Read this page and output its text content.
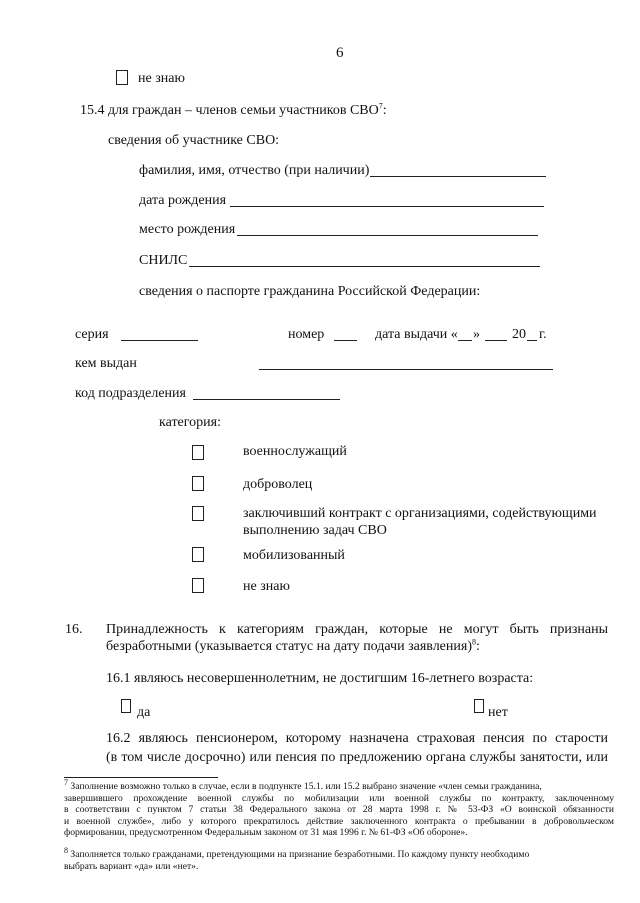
6
не знаю
15.4 для граждан – членов семьи участников СВО$^7$:
сведения об участнике СВО:
фамилия, имя, отчество (при наличии)
дата рождения
место рождения
СНИЛС
сведения о паспорте гражданина Российской Федерации:
серия	номер	дата выдачи « » 20 г.
кем выдан
код подразделения
категория:
военнослужащий
доброволец
заключивший контракт с организациями, содействующими
выполнению задач СВО
мобилизованный
не знаю
16. Принадлежность к категориям граждан, которые не могут быть признаны
безработными (указывается статус на дату подачи заявления)$^8$:
16.1 являюсь несовершеннолетним, не достигшим 16-летнего возраста:
да	нет
16.2 являюсь пенсионером, которому назначена страховая пенсия по старости
(в том числе досрочно) или пенсия по предложению органа службы занятости, или
$^7$ Заполнение возможно только в случае, если в подпункте 15.1. или 15.2 выбрано значение «член семьи гражданина,
завершившего прохождение военной службы по мобилизации или военной службы по контракту, заключенному
в соответствии с пунктом 7 статьи 38 Федерального закона от 28 марта 1998 г. № 53-ФЗ «О воинской обязанности
и военной службе», либо у которого прекратилось действие заключенного контракта о пребывании в добровольческом
формировании, предусмотренном Федеральным законом от 31 мая 1996 г. № 61-ФЗ «Об обороне».
$^8$ Заполняется только гражданами, претендующими на признание безработными. По каждому пункту необходимо
выбрать вариант «да» или «нет».
